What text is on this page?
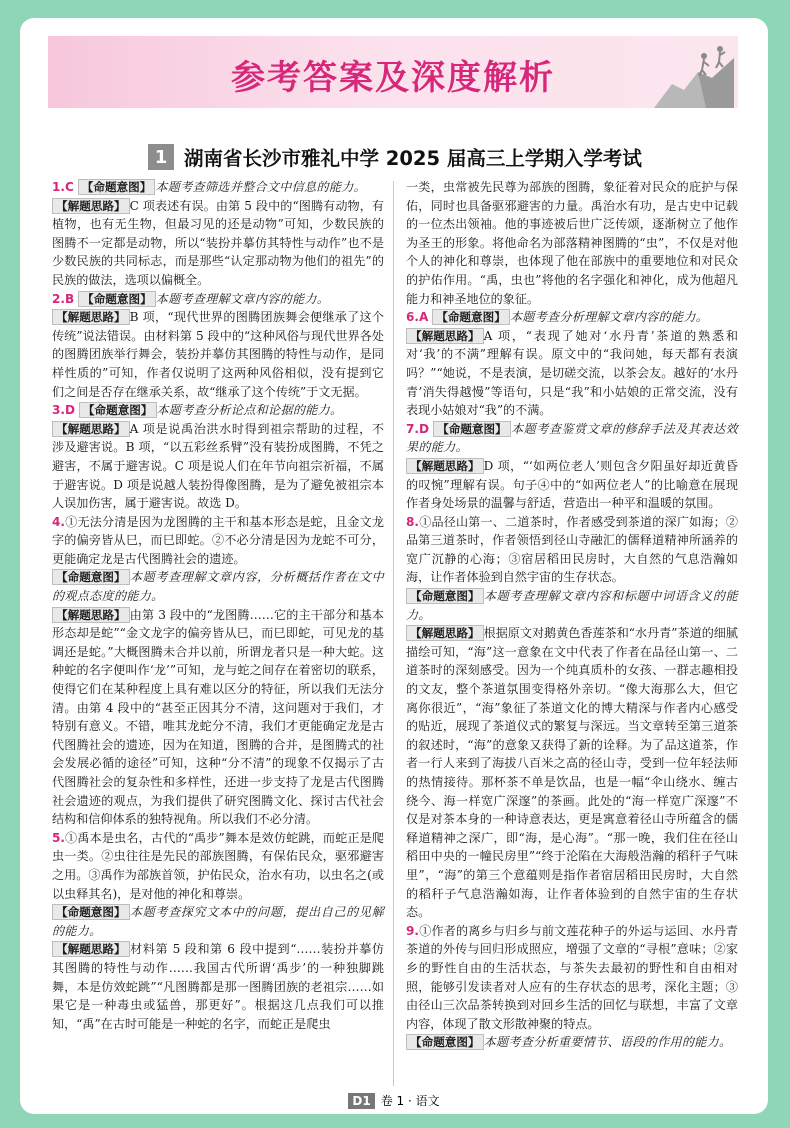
参考答案及深度解析
1 湖南省长沙市雅礼中学 2025 届高三上学期入学考试

1.C 【命题意图】 本题考查筛选并整合文中信息的能力。

【解题思路】 C 项表述有误。由第 5 段中的“图腾有动物，有植物，也有无生物，但最习见的还是动物”可知，少数民族的图腾不一定都是动物，所以“装扮并摹仿其特性与动作”也不是少数民族的共同标志，而是那些“认定那动物为他们的祖先”的民族的做法，选项以偏概全。

2.B 【命题意图】 本题考查理解文章内容的能力。

【解题思路】 B 项，“现代世界的图腾团族舞会便继承了这个传统”说法错误。由材料第 5 段中的“这种风俗与现代世界各处的图腾团族举行舞会，装扮并摹仿其图腾的特性与动作，是同样性质的”可知，作者仅说明了这两种风俗相似，没有提到它们之间是否存在继承关系，故“继承了这个传统”于文无据。

3.D 【命题意图】 本题考查分析论点和论据的能力。

【解题思路】 A 项是说禹治洪水时得到祖宗帮助的过程，不涉及避害说。B 项，“以五彩丝系臂”没有装扮成图腾，不凭之避害，不属于避害说。C 项是说人们在年节向祖宗祈福，不属于避害说。D 项是说越人装扮得像图腾，是为了避免被祖宗本人误加伤害，属于避害说。故选 D。

4.①无法分清是因为龙图腾的主干和基本形态是蛇，且金文龙字的偏旁皆从巳，而巳即蛇。②不必分清是因为龙蛇不可分，更能确定龙是古代图腾社会的遗迹。

【命题意图】 本题考查理解文章内容，分析概括作者在文中的观点态度的能力。

【解题思路】 由第 3 段中的“龙图腾……它的主干部分和基本形态却是蛇”“金文龙字的偏旁皆从巳，而巳即蛇，可见龙的基调还是蛇。”大概图腾未合并以前，所谓龙者只是一种大蛇。这种蛇的名字便叫作‘龙’”可知，龙与蛇之间存在着密切的联系，使得它们在某种程度上具有难以区分的特征，所以我们无法分清。由第 4 段中的“甚至正因其分不清，这问题对于我们，才特别有意义。不错，唯其龙蛇分不清，我们才更能确定龙是古代图腾社会的遗迹，因为在知道，图腾的合并，是图腾式的社会发展必循的途径”可知，这种“分不清”的现象不仅揭示了古代图腾社会的复杂性和多样性，还进一步支持了龙是古代图腾社会遗迹的观点，为我们提供了研究图腾文化、探讨古代社会结构和信仰体系的独特视角。所以我们不必分清。

5.①禹本是虫名，古代的“禹步”舞本是效仿蛇跳，而蛇正是爬虫一类。②虫往往是先民的部族图腾，有保佑民众，驱邪避害之用。③禹作为部族首领，护佑民众，治水有功，以虫名之(或以虫释其名)，是对他的神化和尊崇。

【命题意图】 本题考查探究文本中的问题，提出自己的见解的能力。

【解题思路】 材料第 5 段和第 6 段中提到“……装扮并摹仿其图腾的特性与动作……我国古代所谓‘禹步’的一种独脚跳舞，本是仿效蛇跳”“凡图腾都是那一图腾团族的老祖宗……如果它是一种毒虫或猛兽，那更好”。根据这几点我们可以推知，“禹”在古时可能是一种蛇的名字，而蛇正是爬虫

一类，虫常被先民尊为部族的图腾，象征着对民众的庇护与保佑，同时也具备驱邪避害的力量。禹治水有功，是古史中记载的一位杰出领袖。他的事迹被后世广泛传颂，逐渐树立了他作为圣王的形象。将他命名为部落精神图腾的“虫”，不仅是对他个人的神化和尊崇，也体现了他在部族中的重要地位和对民众的护佑作用。“禹，虫也”将他的名字强化和神化，成为他超凡能力和神圣地位的象征。

6.A 【命题意图】 本题考查分析理解文章内容的能力。

【解题思路】 A 项，“表现了她对‘水丹青’茶道的熟悉和对‘我’的不满”理解有误。原文中的“我问她，每天都有表演吗？”“她说，不是表演，是切磋交流，以茶会友。越好的‘水丹青’消失得越慢”等语句，只是“我”和小姑娘的正常交流，没有表现小姑娘对“我”的不满。

7.D 【命题意图】 本题考查鉴赏文章的修辞手法及其表达效果的能力。

【解题思路】 D 项，“‘如两位老人’则包含夕阳虽好却近黄昏的叹惋”理解有误。句子④中的“如两位老人”的比喻意在展现作者身处场景的温馨与舒适，营造出一种平和温暖的氛围。

8.①品径山第一、二道茶时，作者感受到茶道的深广如海；②品第三道茶时，作者领悟到径山寺融汇的儒释道精神所涵养的宽广沉静的心海；③宿居稻田民房时，大自然的气息浩瀚如海，让作者体验到自然宇宙的生存状态。

【命题意图】 本题考查理解文章内容和标题中词语含义的能力。

【解题思路】 根据原文对鹅黄色香莲茶和“水丹青”茶道的细腻描绘可知，“海”这一意象在文中代表了作者在品径山第一、二道茶时的深刻感受。因为一个纯真质朴的女孩、一群志趣相投的文友，整个茶道氛围变得格外亲切。“像大海那么大，但它离你很近”，“海”象征了茶道文化的博大精深与作者内心感受的贴近，展现了茶道仪式的繁复与深远。当文章转至第三道茶的叙述时，“海”的意象又获得了新的诠释。为了品这道茶，作者一行人来到了海拔八百米之高的径山寺，受到一位年轻法师的热情接待。那杯茶不单是饮品，也是一幅“伞山绕水、缠古绕今、海一样宽广深邃”的茶画。此处的“海一样宽广深邃”不仅是对茶本身的一种诗意表达，更是寓意着径山寺所蕴含的儒释道精神之深广，即“海，是心海”。“那一晚，我们住在径山稻田中央的一幢民房里”“终于沦陷在大海般浩瀚的稻秆子气味里”，“海”的第三个意蕴则是指作者宿居稻田民房时，大自然的稻秆子气息浩瀚如海，让作者体验到的自然宇宙的生存状态。

9.①作者的离乡与归乡与前文莲花种子的外运与运回、水丹青茶道的外传与回归形成照应，增强了文章的“寻根”意味；②家乡的野性自由的生活状态，与茶失去最初的野性和自由相对照，能够引发读者对人应有的生存状态的思考，深化主题；③由径山三次品茶转换到对回乡生活的回忆与联想，丰富了文章内容，体现了散文形散神聚的特点。

【命题意图】 本题考查分析重要情节、语段的作用的能力。

D1 卷 1 · 语文
